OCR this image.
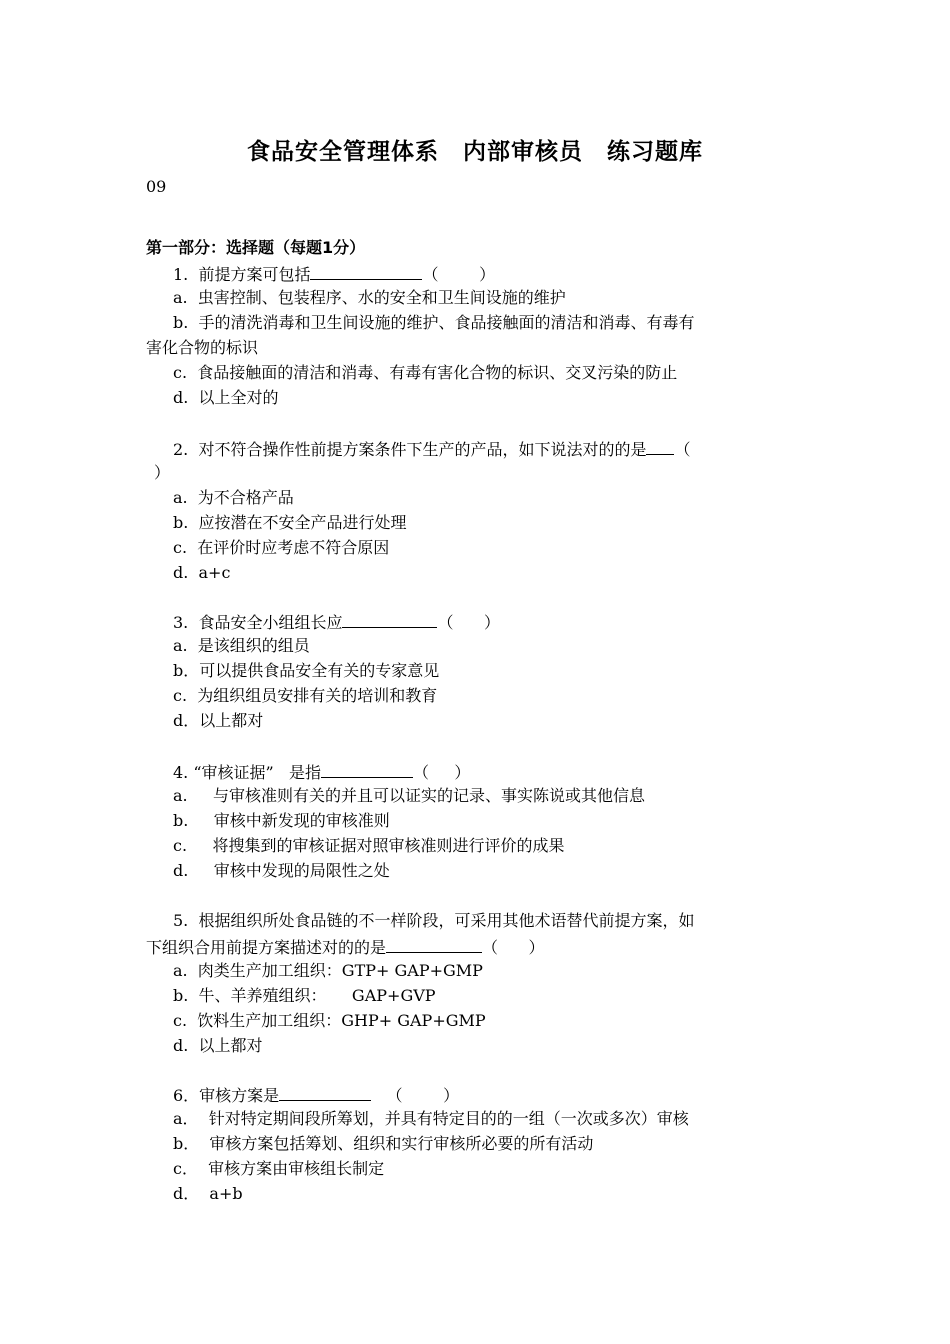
食品安全管理体系　内部审核员　练习题库
09
第一部分：选择题（每题1分）
1.  前提方案可包括	（        ）
a.  虫害控制、包装程序、水的安全和卫生间设施的维护
b.  手的清洗消毒和卫生间设施的维护、食品接触面的清洁和消毒、有毒有
害化合物的标识
c.  食品接触面的清洁和消毒、有毒有害化合物的标识、交叉污染的防止
d.  以上全对的
2.  对不符合操作性前提方案条件下生产的产品，如下说法对的的是 （
）
a.  为不合格产品
b.  应按潜在不安全产品进行处理
c.  在评价时应考虑不符合原因
d.  a+c
3.  食品安全小组组长应	（      ）
a.  是该组织的组员
b．可以提供食品安全有关的专家意见
c.  为组织组员安排有关的培训和教育
d．以上都对
4. “审核证据”   是指	（     ）
a.     与审核准则有关的并且可以证实的记录、事实陈说或其他信息
b.     审核中新发现的审核准则
c.     将搜集到的审核证据对照审核准则进行评价的成果
d.     审核中发现的局限性之处
5.  根据组织所处食品链的不一样阶段，可采用其他术语替代前提方案，如
下组织合用前提方案描述对的的是	（      ）
a.  肉类生产加工组织：GTP+ GAP+GMP
b.  牛、羊养殖组织：     GAP+GVP
c.  饮料生产加工组织：GHP+ GAP+GMP
d.  以上都对
6．审核方案是	（        ）
a．  针对特定期间段所筹划，并具有特定目的的一组（一次或多次）审核
b．  审核方案包括筹划、组织和实行审核所必要的所有活动
c．  审核方案由审核组长制定
d．  a+b
